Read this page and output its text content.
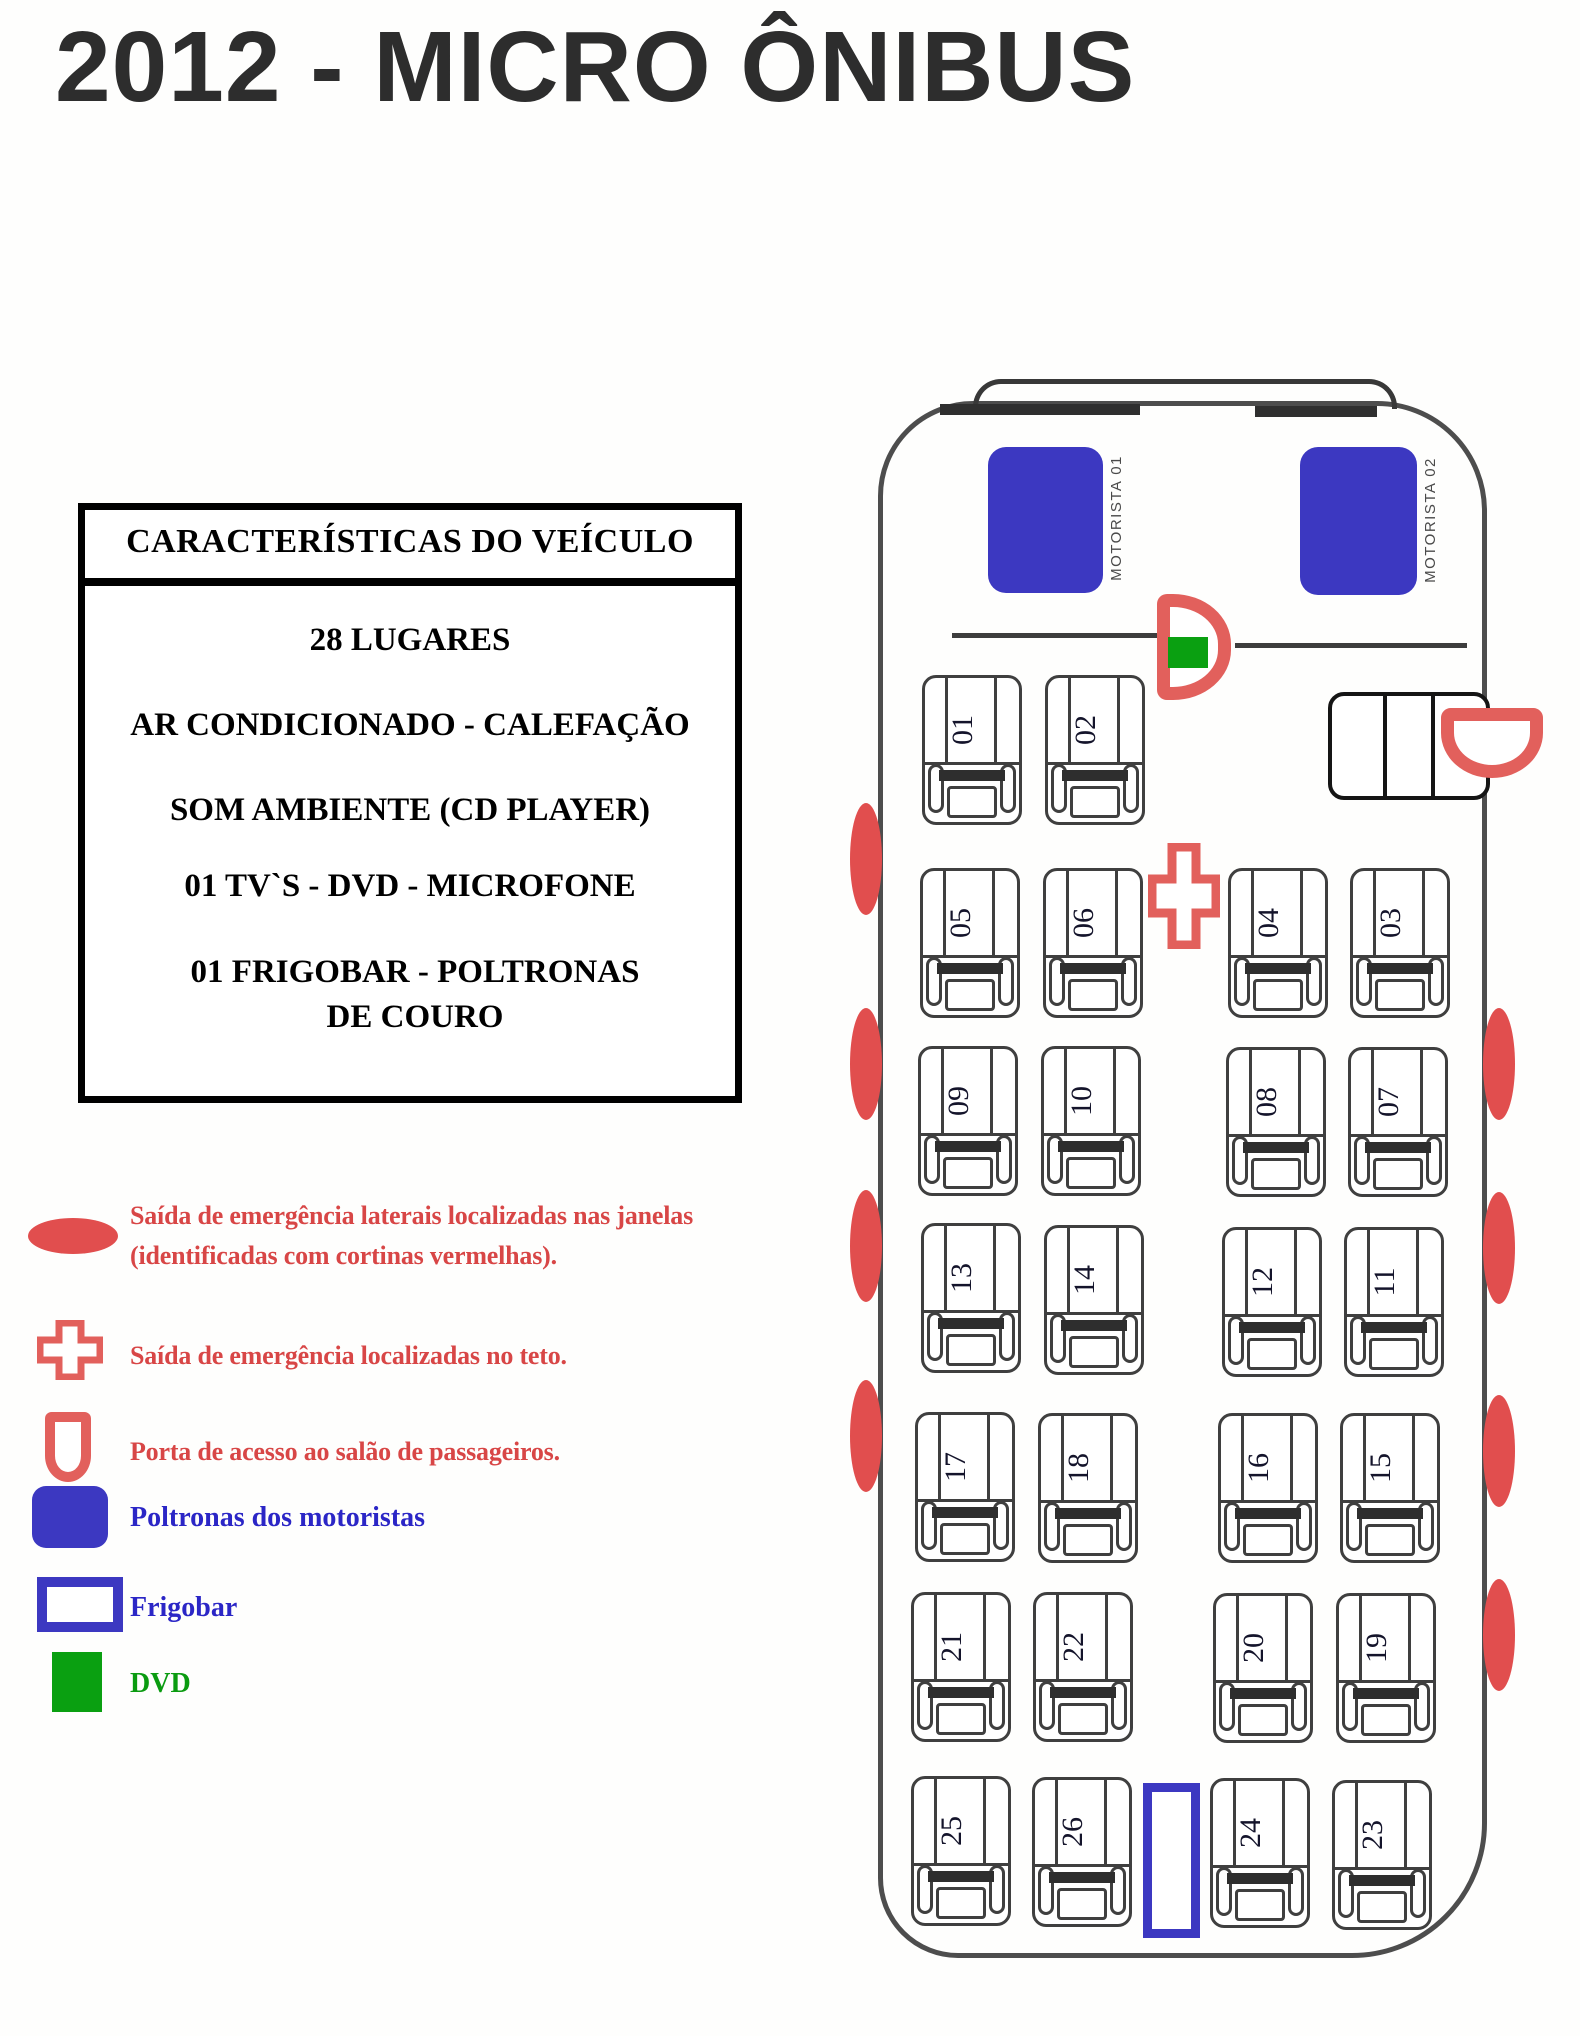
2012 - MICRO ÔNIBUS
CARACTERÍSTICAS DO VEÍCULO
28 LUGARES
AR CONDICIONADO - CALEFAÇÃO
SOM AMBIENTE (CD PLAYER)
01 TV`S - DVD - MICROFONE
01 FRIGOBAR - POLTRONAS DE COURO
Saída de emergência laterais localizadas nas janelas (identificadas com cortinas vermelhas).
Saída de emergência localizadas no teto.
Porta de acesso ao salão de passageiros.
Poltronas dos motoristas
Frigobar
DVD
MOTORISTA 01	MOTORISTA 02
01	02
05	06	04	03
09	10	08	07
13	14	12	11
17	18	16	15
21	22	20	19
25	26	24	23
